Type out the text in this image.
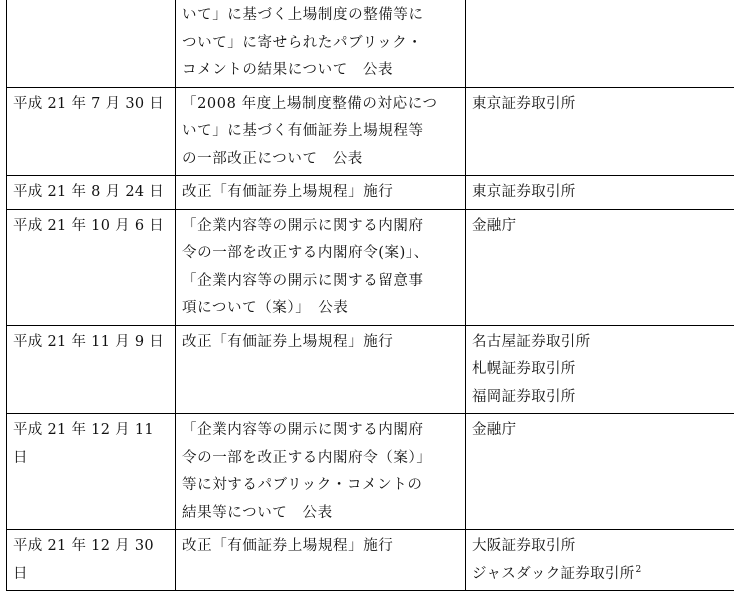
	いて」に基づく上場制度の整備等に
ついて」に寄せられたパブリック・
コメントの結果について　公表	

平成 21 年 7 月 30 日	「2008 年度上場制度整備の対応につ
いて」に基づく有価証券上場規程等
の一部改正について　公表	東京証券取引所

平成 21 年 8 月 24 日	改正「有価証券上場規程」施行	東京証券取引所

平成 21 年 10 月 6 日	「企業内容等の開示に関する内閣府
令の一部を改正する内閣府令(案)」、
「企業内容等の開示に関する留意事
項について（案）」　公表	金融庁

平成 21 年 11 月 9 日	改正「有価証券上場規程」施行	名古屋証券取引所
札幌証券取引所
福岡証券取引所

平成 21 年 12 月 11 日	「企業内容等の開示に関する内閣府
令の一部を改正する内閣府令（案）」
等に対するパブリック・コメントの
結果等について　公表	金融庁

平成 21 年 12 月 30 日	改正「有価証券上場規程」施行	大阪証券取引所
ジャスダック証券取引所$^2$
